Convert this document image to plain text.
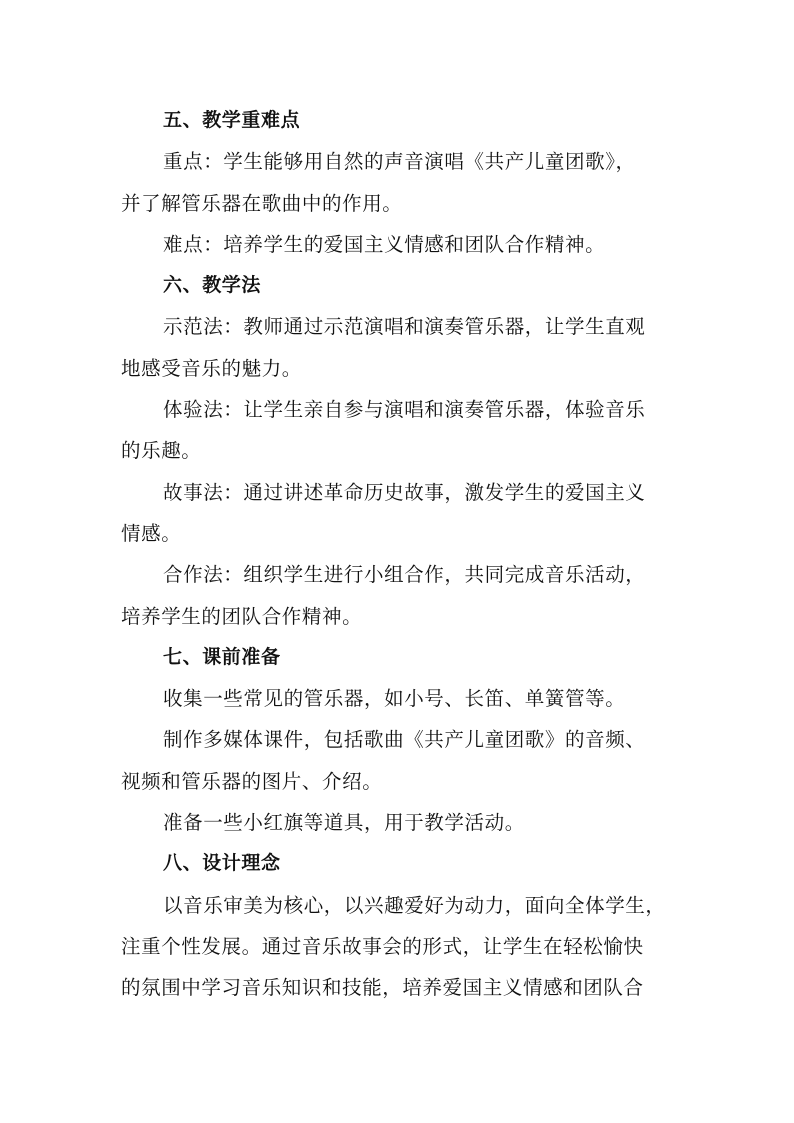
五、教学重难点
重点：学生能够用自然的声音演唱《共产儿童团歌》，
并了解管乐器在歌曲中的作用。
难点：培养学生的爱国主义情感和团队合作精神。
六、教学法
示范法：教师通过示范演唱和演奏管乐器，让学生直观
地感受音乐的魅力。
体验法：让学生亲自参与演唱和演奏管乐器，体验音乐
的乐趣。
故事法：通过讲述革命历史故事，激发学生的爱国主义
情感。
合作法：组织学生进行小组合作，共同完成音乐活动，
培养学生的团队合作精神。
七、课前准备
收集一些常见的管乐器，如小号、长笛、单簧管等。
制作多媒体课件，包括歌曲《共产儿童团歌》的音频、
视频和管乐器的图片、介绍。
准备一些小红旗等道具，用于教学活动。
八、设计理念
以音乐审美为核心，以兴趣爱好为动力，面向全体学生，
注重个性发展。通过音乐故事会的形式，让学生在轻松愉快
的氛围中学习音乐知识和技能，培养爱国主义情感和团队合
